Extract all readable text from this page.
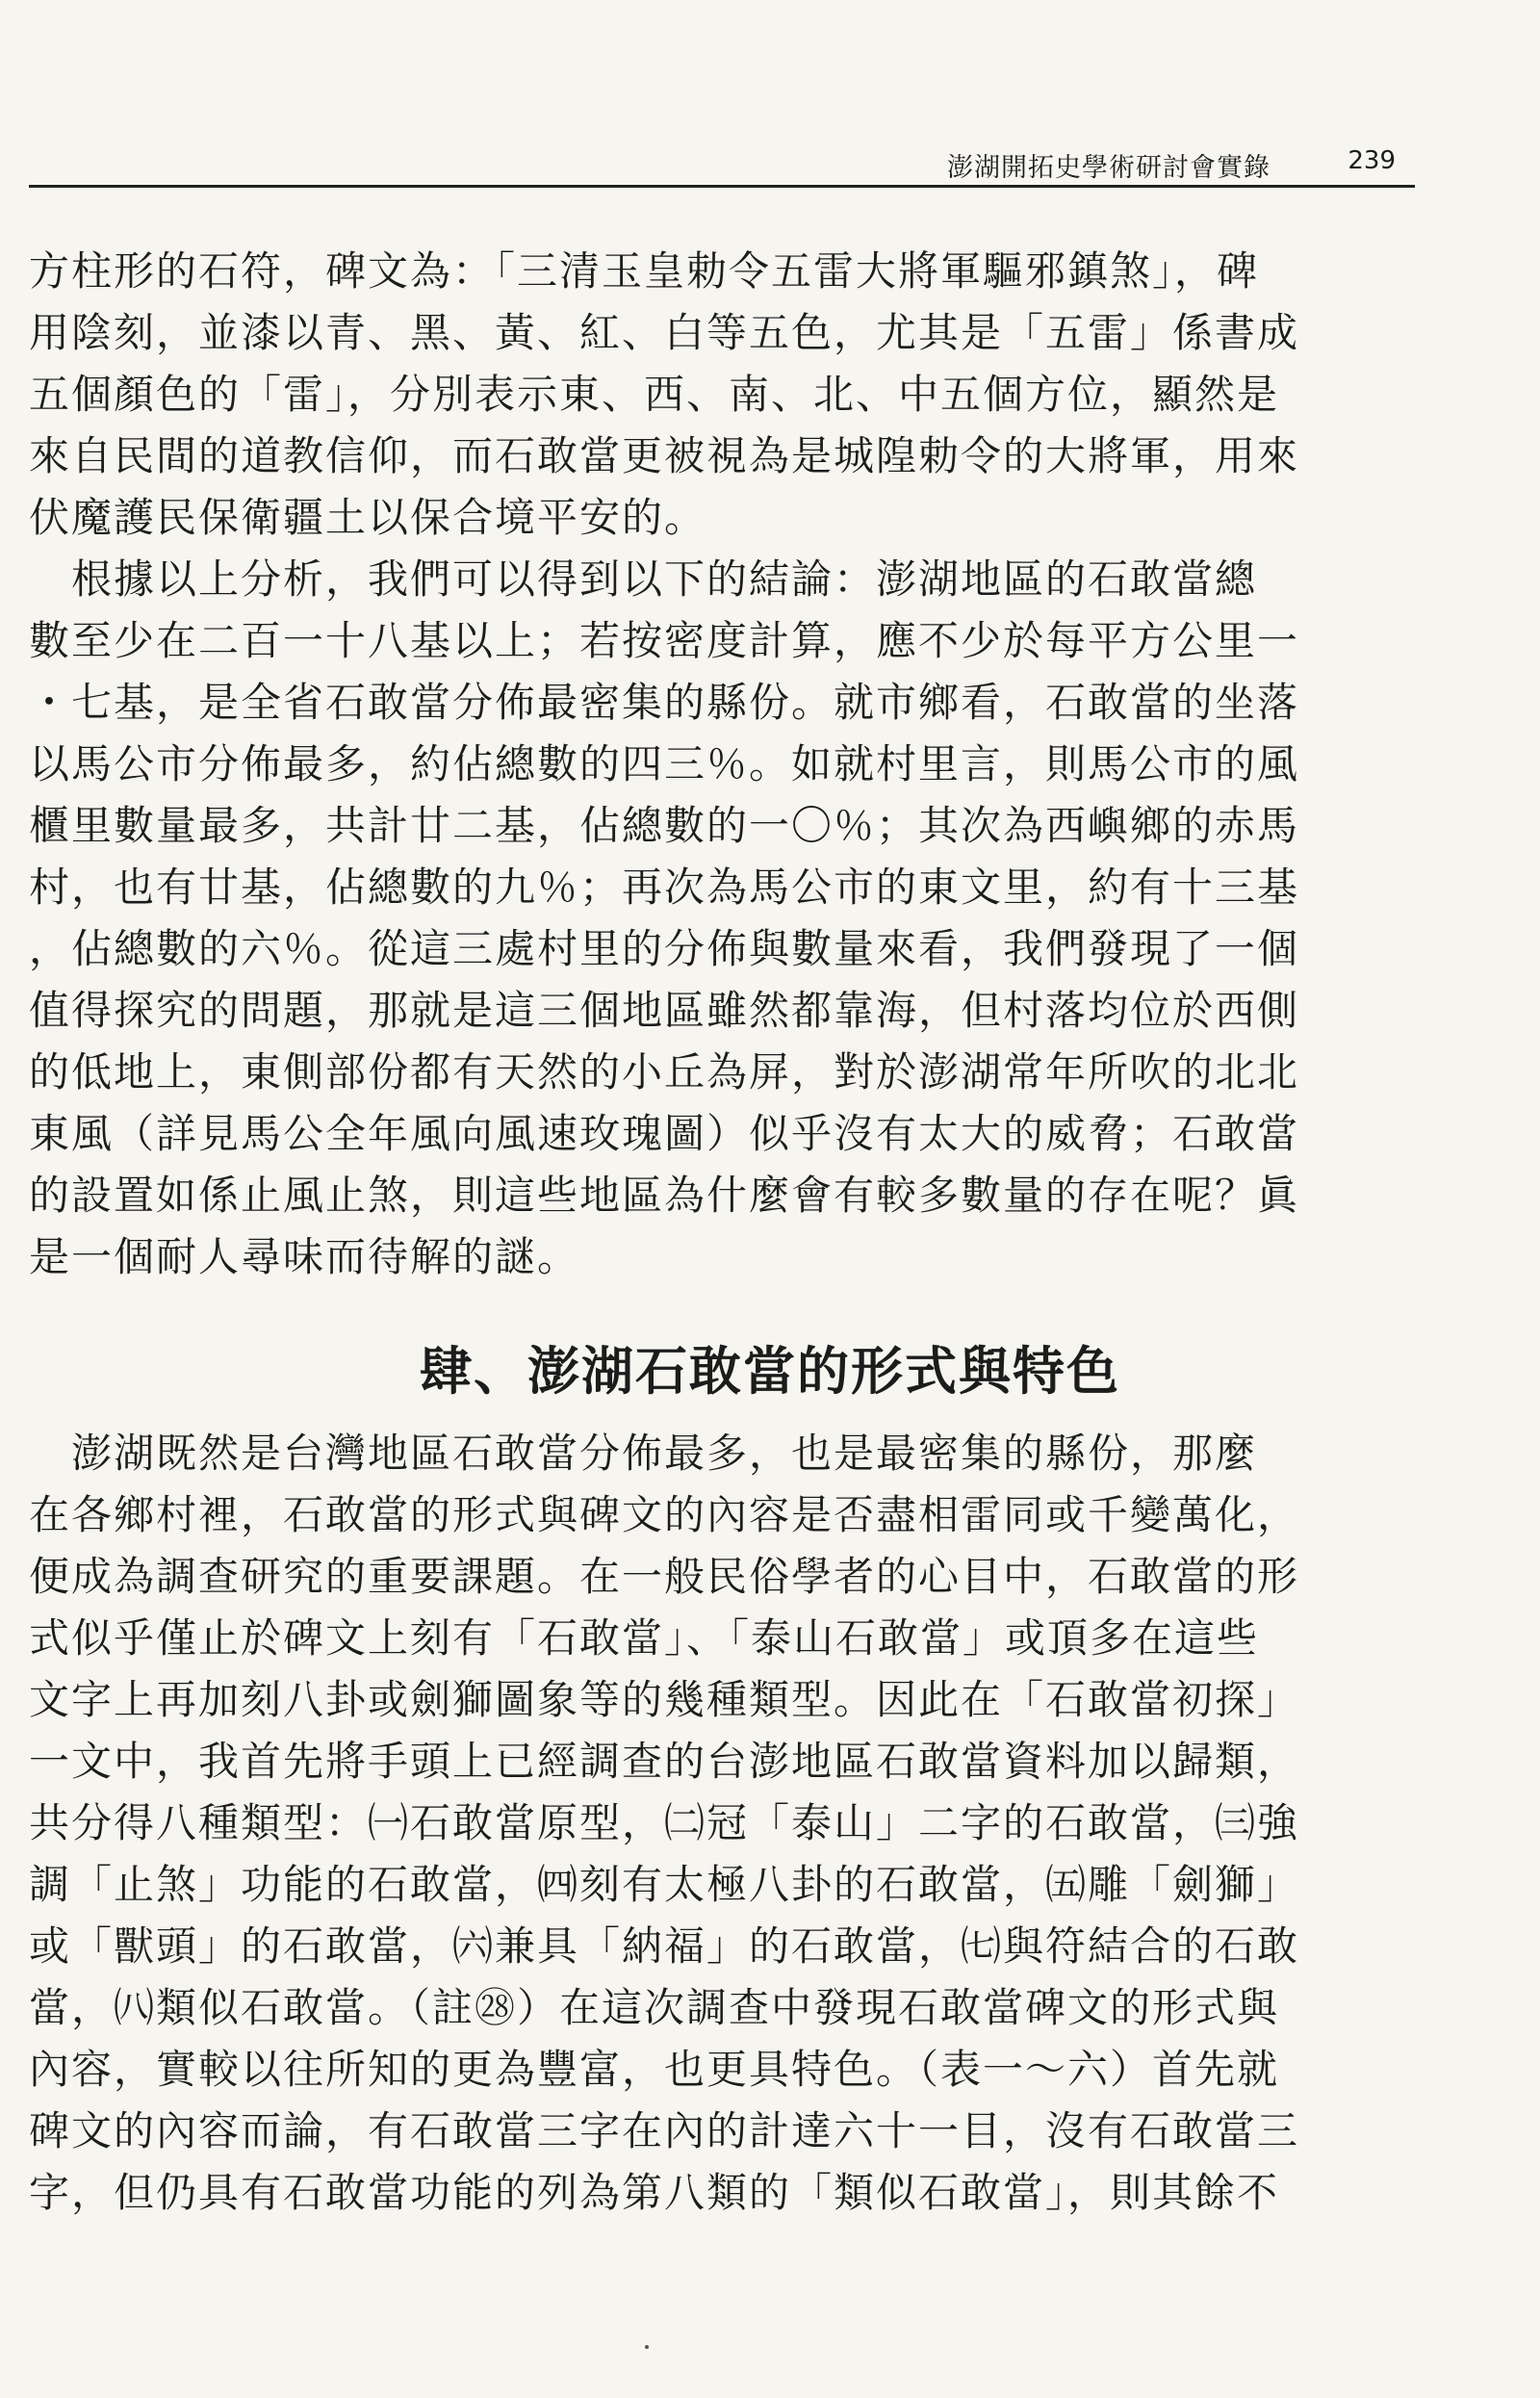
澎湖開拓史學術研討會實錄	239
方柱形的石符，碑文為：「三清玉皇勅令五雷大將軍驅邪鎮煞」，碑
用陰刻，並漆以青、黑、黃、紅、白等五色，尤其是「五雷」係書成
五個顏色的「雷」，分別表示東、西、南、北、中五個方位，顯然是
來自民間的道教信仰，而石敢當更被視為是城隍勅令的大將軍，用來
伏魔護民保衛疆土以保合境平安的。
　根據以上分析，我們可以得到以下的結論：澎湖地區的石敢當總
數至少在二百一十八基以上；若按密度計算，應不少於每平方公里一
・七基，是全省石敢當分佈最密集的縣份。就市鄉看，石敢當的坐落
以馬公市分佈最多，約佔總數的四三％。如就村里言，則馬公市的風
櫃里數量最多，共計廿二基，佔總數的一〇％；其次為西嶼鄉的赤馬
村，也有廿基，佔總數的九％；再次為馬公市的東文里，約有十三基
，佔總數的六％。從這三處村里的分佈與數量來看，我們發現了一個
值得探究的問題，那就是這三個地區雖然都靠海，但村落均位於西側
的低地上，東側部份都有天然的小丘為屏，對於澎湖常年所吹的北北
東風（詳見馬公全年風向風速玫瑰圖）似乎沒有太大的威脅；石敢當
的設置如係止風止煞，則這些地區為什麼會有較多數量的存在呢？眞
是一個耐人尋味而待解的謎。
肆、澎湖石敢當的形式與特色
　澎湖既然是台灣地區石敢當分佈最多，也是最密集的縣份，那麼
在各鄉村裡，石敢當的形式與碑文的內容是否盡相雷同或千變萬化，
便成為調查研究的重要課題。在一般民俗學者的心目中，石敢當的形
式似乎僅止於碑文上刻有「石敢當」、「泰山石敢當」或頂多在這些
文字上再加刻八卦或劍獅圖象等的幾種類型。因此在「石敢當初探」
一文中，我首先將手頭上已經調查的台澎地區石敢當資料加以歸類，
共分得八種類型：㈠石敢當原型，㈡冠「泰山」二字的石敢當，㈢強
調「止煞」功能的石敢當，㈣刻有太極八卦的石敢當，㈤雕「劍獅」
或「獸頭」的石敢當，㈥兼具「納福」的石敢當，㈦與符結合的石敢
當，㈧類似石敢當。（註㉘）在這次調查中發現石敢當碑文的形式與
內容，實較以往所知的更為豐富，也更具特色。（表一～六）首先就
碑文的內容而論，有石敢當三字在內的計達六十一目，沒有石敢當三
字，但仍具有石敢當功能的列為第八類的「類似石敢當」，則其餘不
